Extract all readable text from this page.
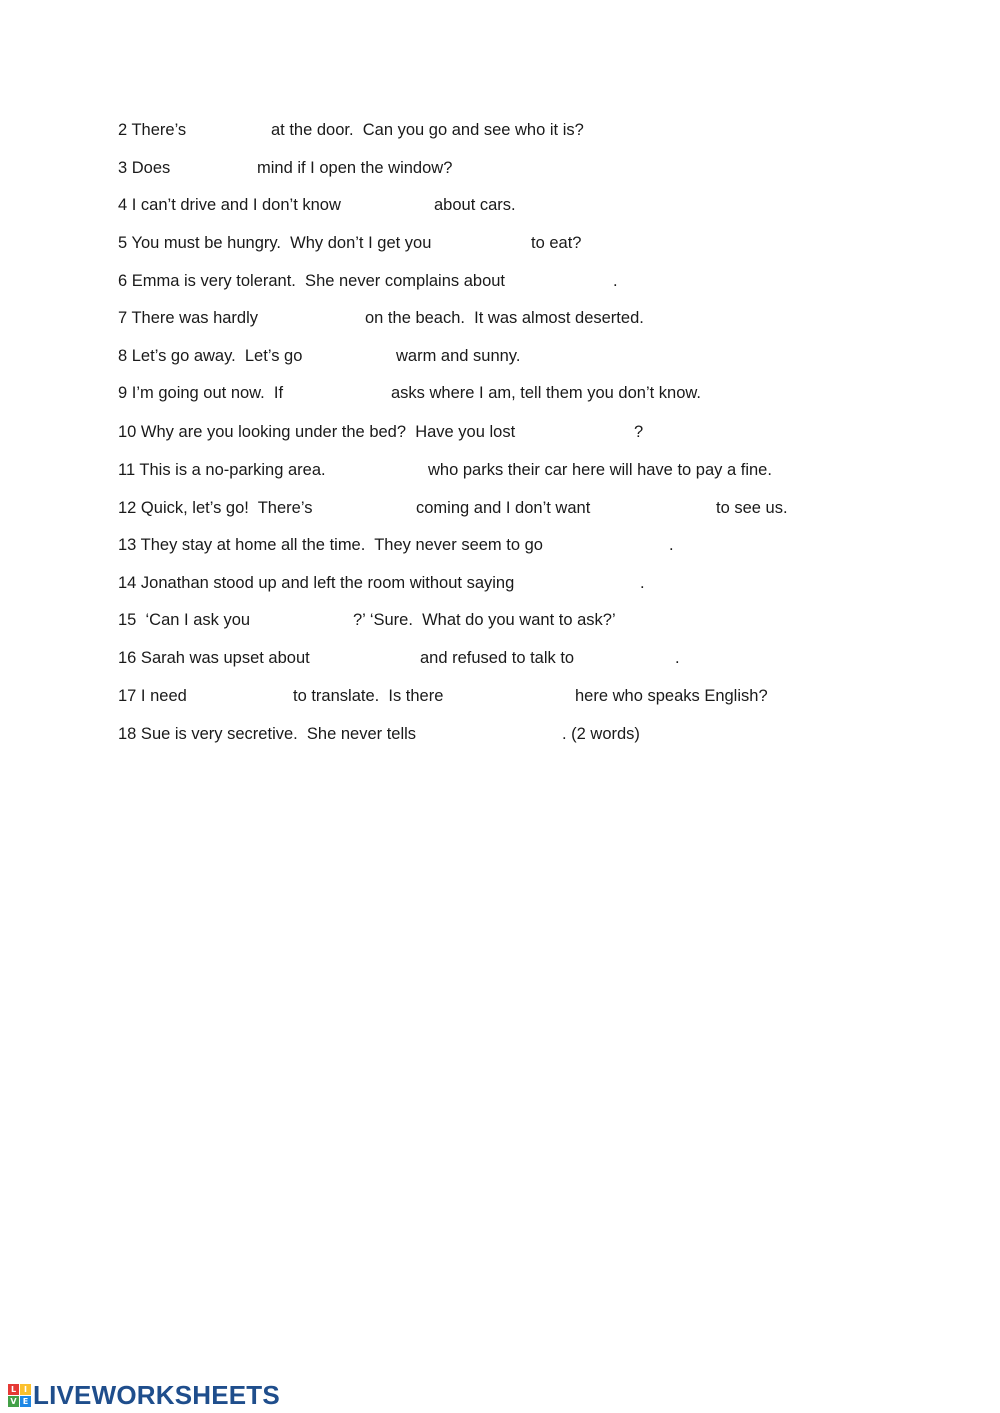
2 There’s	at the door.  Can you go and see who it is?
3 Does	mind if I open the window?
4 I can’t drive and I don’t know	about cars.
5 You must be hungry.  Why don’t I get you	to eat?
6 Emma is very tolerant.  She never complains about	.
7 There was hardly	on the beach.  It was almost deserted.
8 Let’s go away.  Let’s go	warm and sunny.
9 I’m going out now.  If	asks where I am, tell them you don’t know.
10 Why are you looking under the bed?  Have you lost	?
11 This is a no-parking area.	who parks their car here will have to pay a fine.
12 Quick, let’s go!  There’s	coming and I don’t want	to see us.
13 They stay at home all the time.  They never seem to go	.
14 Jonathan stood up and left the room without saying	.
15  ‘Can I ask you	?’ ‘Sure.  What do you want to ask?’
16 Sarah was upset about	and refused to talk to	.
17 I need	to translate.  Is there	here who speaks English?
18 Sue is very secretive.  She never tells	. (2 words)
L I
V E LIVEWORKSHEETS
